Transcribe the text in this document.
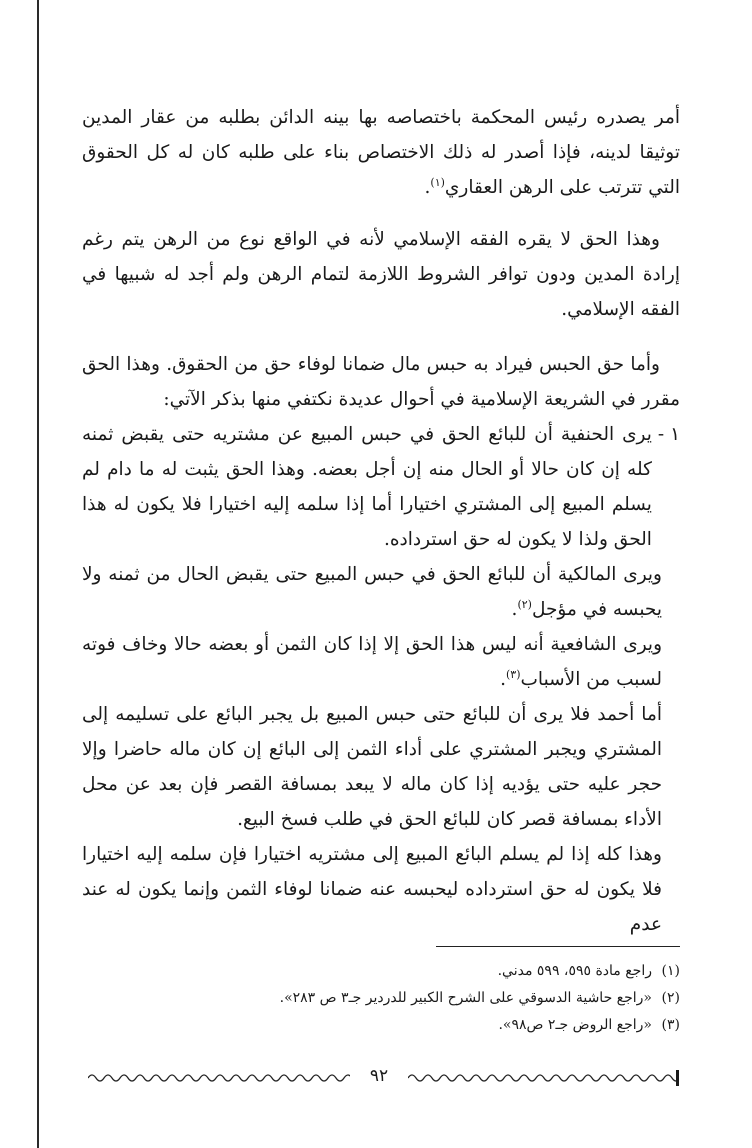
أمر يصدره رئيس المحكمة باختصاصه بها بينه الدائن بطلبه من عقار المدين توثيقا لدينه، فإذا أصدر له ذلك الاختصاص بناء على طلبه كان له كل الحقوق التي تترتب على الرهن العقاري$^{(١)}$.

وهذا الحق لا يقره الفقه الإسلامي لأنه في الواقع نوع من الرهن يتم رغم إرادة المدين ودون توافر الشروط اللازمة لتمام الرهن ولم أجد له شبيها في الفقه الإسلامي.

وأما حق الحبس فيراد به حبس مال ضمانا لوفاء حق من الحقوق. وهذا الحق مقرر في الشريعة الإسلامية في أحوال عديدة نكتفي منها بذكر الآتي:

١ -
يرى الحنفية أن للبائع الحق في حبس المبيع عن مشتريه حتى يقبض ثمنه كله إن كان حالا أو الحال منه إن أجل بعضه. وهذا الحق يثبت له ما دام لم يسلم المبيع إلى المشتري اختيارا أما إذا سلمه إليه اختيارا فلا يكون له هذا الحق ولذا لا يكون له حق استرداده.

ويرى المالكية أن للبائع الحق في حبس المبيع حتى يقبض الحال من ثمنه ولا يحبسه في مؤجل$^{(٢)}$.

ويرى الشافعية أنه ليس هذا الحق إلا إذا كان الثمن أو بعضه حالا وخاف فوته لسبب من الأسباب$^{(٣)}$.

أما أحمد فلا يرى أن للبائع حتى حبس المبيع بل يجبر البائع على تسليمه إلى المشتري ويجبر المشتري على أداء الثمن إلى البائع إن كان ماله حاضرا وإلا حجر عليه حتى يؤديه إذا كان ماله لا يبعد بمسافة القصر فإن بعد عن محل الأداء بمسافة قصر كان للبائع الحق في طلب فسخ البيع.

وهذا كله إذا لم يسلم البائع المبيع إلى مشتريه اختيارا فإن سلمه إليه اختيارا فلا يكون له حق استرداده ليحبسه عنه ضمانا لوفاء الثمن وإنما يكون له عند عدم

(١)
راجع مادة ٥٩٥، ٥٩٩ مدني.
(٢)
«راجع حاشية الدسوقي على الشرح الكبير للدردير جـ٣ ص ٢٨٣».
(٣)
«راجع الروض جـ٢ ص٩٨».
٩٢
